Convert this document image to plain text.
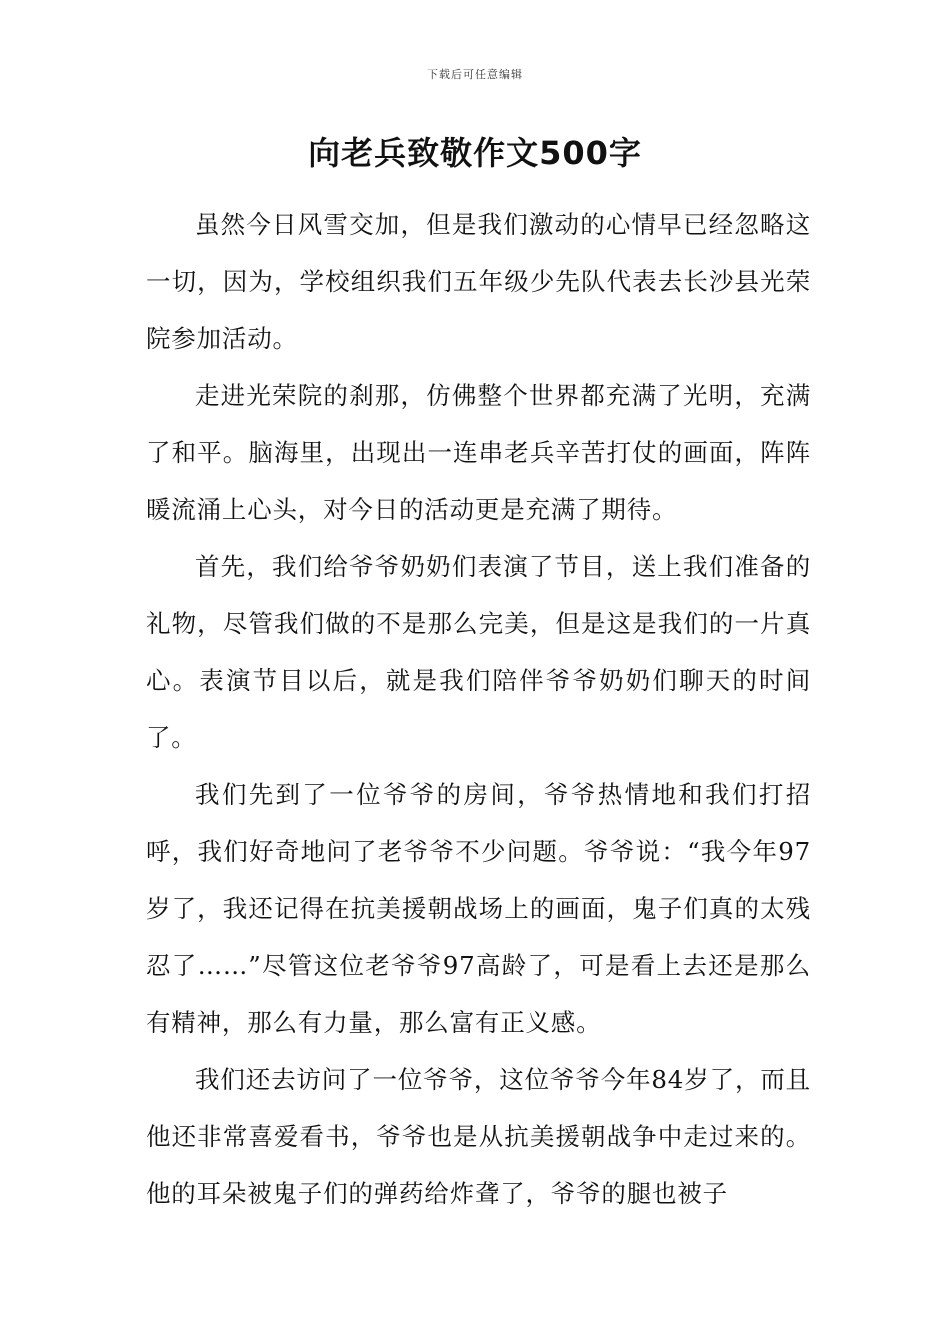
下载后可任意编辑
向老兵致敬作文500字

虽然今日风雪交加，但是我们激动的心情早已经忽略这一切，因为，学校组织我们五年级少先队代表去长沙县光荣院参加活动。

走进光荣院的刹那，仿佛整个世界都充满了光明，充满了和平。脑海里，出现出一连串老兵辛苦打仗的画面，阵阵暖流涌上心头，对今日的活动更是充满了期待。

首先，我们给爷爷奶奶们表演了节目，送上我们准备的礼物，尽管我们做的不是那么完美，但是这是我们的一片真心。表演节目以后，就是我们陪伴爷爷奶奶们聊天的时间了。

我们先到了一位爷爷的房间，爷爷热情地和我们打招呼，我们好奇地问了老爷爷不少问题。爷爷说：“我今年97岁了，我还记得在抗美援朝战场上的画面，鬼子们真的太残忍了……”尽管这位老爷爷97高龄了，可是看上去还是那么有精神，那么有力量，那么富有正义感。

我们还去访问了一位爷爷，这位爷爷今年84岁了，而且他还非常喜爱看书，爷爷也是从抗美援朝战争中走过来的。他的耳朵被鬼子们的弹药给炸聋了，爷爷的腿也被子
